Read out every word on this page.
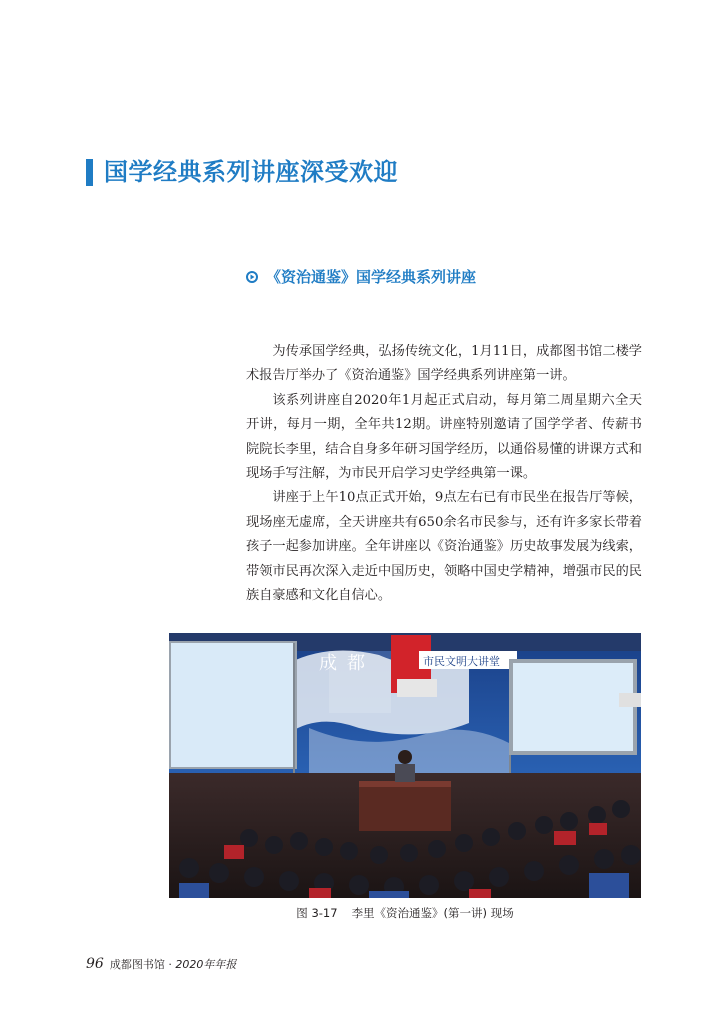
国学经典系列讲座深受欢迎
《资治通鉴》国学经典系列讲座

为传承国学经典，弘扬传统文化，1月11日，成都图书馆二楼学术报告厅举办了《资治通鉴》国学经典系列讲座第一讲。

该系列讲座自2020年1月起正式启动，每月第二周星期六全天开讲，每月一期，全年共12期。讲座特别邀请了国学学者、传薪书院院长李里，结合自身多年研习国学经历，以通俗易懂的讲课方式和现场手写注解，为市民开启学习史学经典第一课。

讲座于上午10点正式开始，9点左右已有市民坐在报告厅等候，现场座无虚席，全天讲座共有650余名市民参与，还有许多家长带着孩子一起参加讲座。全年讲座以《资治通鉴》历史故事发展为线索，带领市民再次深入走近中国历史，领略中国史学精神，增强市民的民族自豪感和文化自信心。

成都	市民文明大讲堂
图 3-17 李里《资治通鉴》(第一讲) 现场
96 成都图书馆 · 2020年年报
